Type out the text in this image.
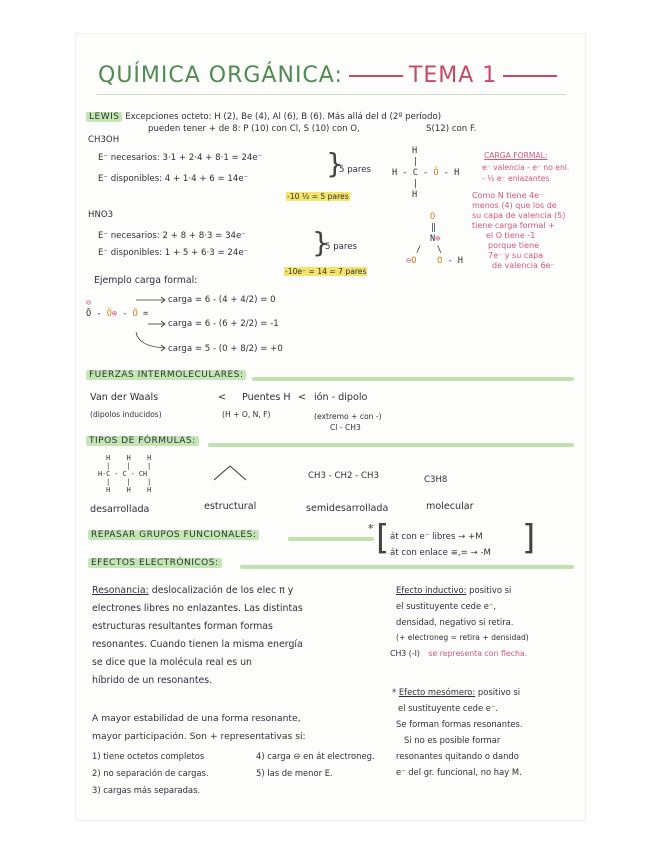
QUÍMICA ORGÁNICA:	TEMA 1
LEWIS Excepciones octeto: H (2), Be (4), Al (6), B (6). Más allá del d (2º período)
pueden tener + de 8: P (10) con Cl, S (10) con O,	S(12) con F.
CH3OH
E⁻ necesarios: 3·1 + 2·4 + 8·1 = 24e⁻
E⁻ disponibles: 4 + 1·4 + 6 = 14e⁻	}
5 pares
-10 ½ = 5 pares
H
|
H - C - Ö - H
|
H
CARGA FORMAL:
e⁻ valencia - e⁻ no enl.
- ½ e⁻ enlazantes
HNO3
E⁻ necesarios: 2 + 8 + 8·3 = 34e⁻
E⁻ disponibles: 1 + 5 + 6·3 = 24e⁻ }
5 pares
-10e⁻ = 14 = 7 pares
O
‖
N⊕
/   \
⊖O O - H
Como N tiene 4e⁻
menos (4) que los de
su capa de valencia (5)
tiene carga formal +
el O tiene -1
porque tiene
7e⁻ y su capa
de valencia 6e⁻
Ejemplo carga formal:
⊖
Ō - Ö⊕ - Ö =
carga = 6 - (4 + 4/2) = 0
carga = 6 - (6 + 2/2) = -1
carga = 5 - (0 + 8/2) = +0
FUERZAS INTERMOLECULARES:
Van der Waals	< Puentes H < ión - dipolo
(dipolos inducidos)	(H + O, N, F)	(extremo + con -)
Cl - CH3
TIPOS DE FÓRMULAS:
H    H    H
|    |    |
H-C - C - CH
|    |    |
H    H    H
CH3 - CH2 - CH3	C3H8
desarrollada	estructural	semidesarrollada	molecular
REPASAR GRUPOS FUNCIONALES:	* [ át con e⁻ libres → +M
át con enlace ≡,= → -M ]
EFECTOS ELECTRÓNICOS:
Resonancia: deslocalización de los elec π y
electrones libres no enlazantes. Las distintas
estructuras resultantes forman formas
resonantes. Cuando tienen la misma energía
se dice que la molécula real es un
híbrido de un resonantes.
A mayor estabilidad de una forma resonante,
mayor participación. Son + representativas si:
1) tiene octetos completos
2) no separación de cargas.
3) cargas más separadas.
4) carga ⊖ en át electroneg.
5) las de menor E.
Efecto inductivo: positivo si
el sustituyente cede e⁻,
densidad, negativo si retira.
(+ electroneg = retira + densidad)
CH3 (-I) se representa con flecha.
* Efecto mesómero: positivo si
el sustituyente cede e⁻.
Se forman formas resonantes.
Si no es posible formar
resonantes quitando o dando
e⁻ del gr. funcional, no hay M.
